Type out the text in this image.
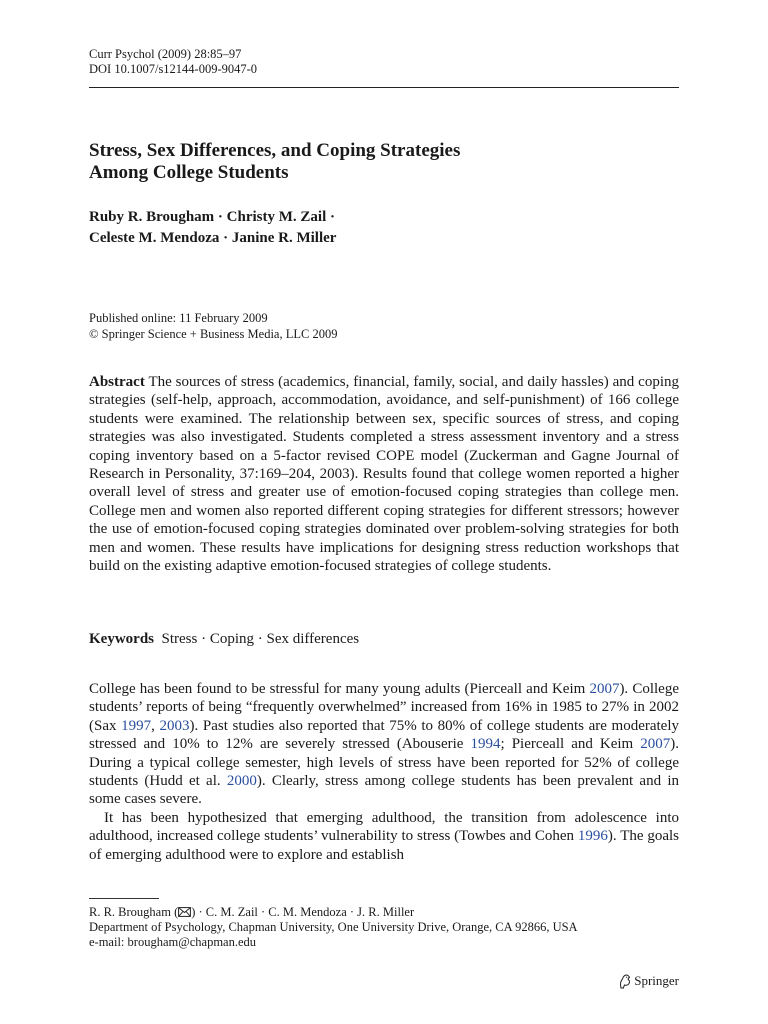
Curr Psychol (2009) 28:85–97
DOI 10.1007/s12144-009-9047-0
Stress, Sex Differences, and Coping Strategies
Among College Students
Ruby R. Brougham · Christy M. Zail ·
Celeste M. Mendoza · Janine R. Miller
Published online: 11 February 2009
© Springer Science + Business Media, LLC 2009

Abstract The sources of stress (academics, financial, family, social, and daily hassles) and coping strategies (self-help, approach, accommodation, avoidance, and self-punishment) of 166 college students were examined. The relationship between sex, specific sources of stress, and coping strategies was also investigated. Students completed a stress assessment inventory and a stress coping inventory based on a 5-factor revised COPE model (Zuckerman and Gagne Journal of Research in Personality, 37:169–204, 2003). Results found that college women reported a higher overall level of stress and greater use of emotion-focused coping strategies than college men. College men and women also reported different coping strategies for different stressors; however the use of emotion-focused coping strategies dominated over problem-solving strategies for both men and women. These results have implications for designing stress reduction workshops that build on the existing adaptive emotion-focused strategies of college students.

Keywords Stress · Coping · Sex differences

College has been found to be stressful for many young adults (Pierceall and Keim 2007). College students’ reports of being “frequently overwhelmed” increased from 16% in 1985 to 27% in 2002 (Sax 1997, 2003). Past studies also reported that 75% to 80% of college students are moderately stressed and 10% to 12% are severely stressed (Abouserie 1994; Pierceall and Keim 2007). During a typical college semester, high levels of stress have been reported for 52% of college students (Hudd et al. 2000). Clearly, stress among college students has been prevalent and in some cases severe.

It has been hypothesized that emerging adulthood, the transition from adolescence into adulthood, increased college students’ vulnerability to stress (Towbes and Cohen 1996). The goals of emerging adulthood were to explore and establish

R. R. Brougham ( ) · C. M. Zail · C. M. Mendoza · J. R. Miller
Department of Psychology, Chapman University, One University Drive, Orange, CA 92866, USA
e-mail: brougham@chapman.edu
Springer
